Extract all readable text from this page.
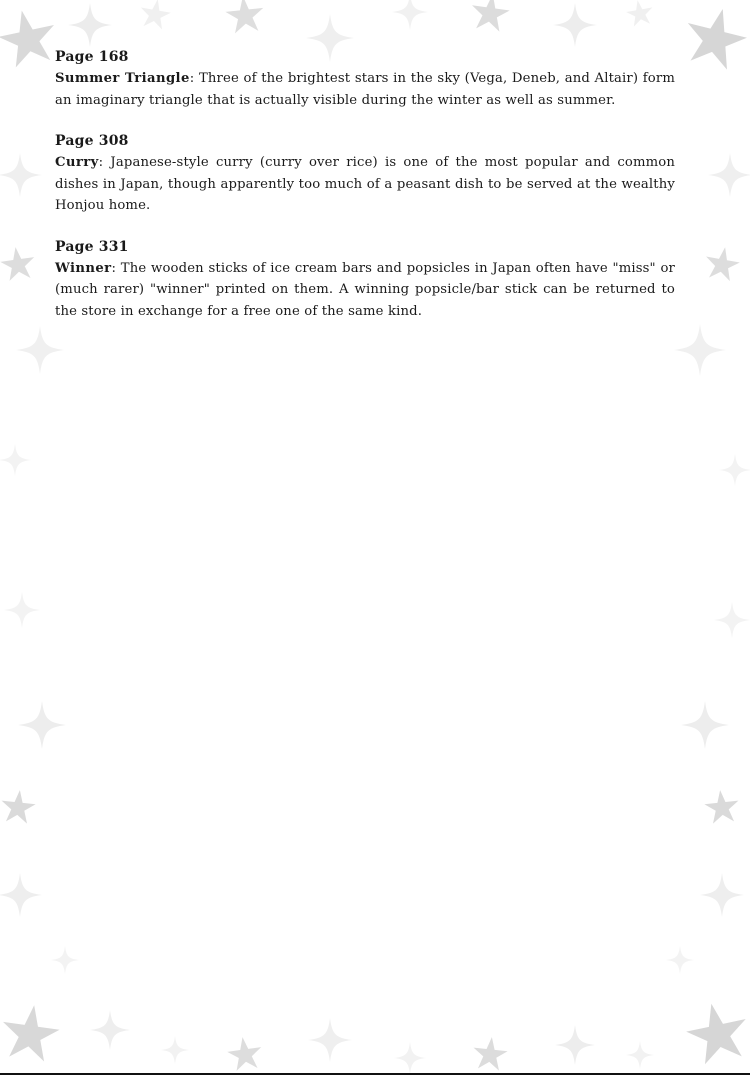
Page 168

Summer Triangle: Three of the brightest stars in the sky (Vega, Deneb, and Altair) form an imaginary triangle that is actually visible during the winter as well as summer.

Page 308

Curry: Japanese-style curry (curry over rice) is one of the most popular and common dishes in Japan, though apparently too much of a peasant dish to be served at the wealthy Honjou home.

Page 331

Winner: The wooden sticks of ice cream bars and popsicles in Japan often have "miss" or (much rarer) "winner" printed on them. A winning popsicle/bar stick can be returned to the store in exchange for a free one of the same kind.
